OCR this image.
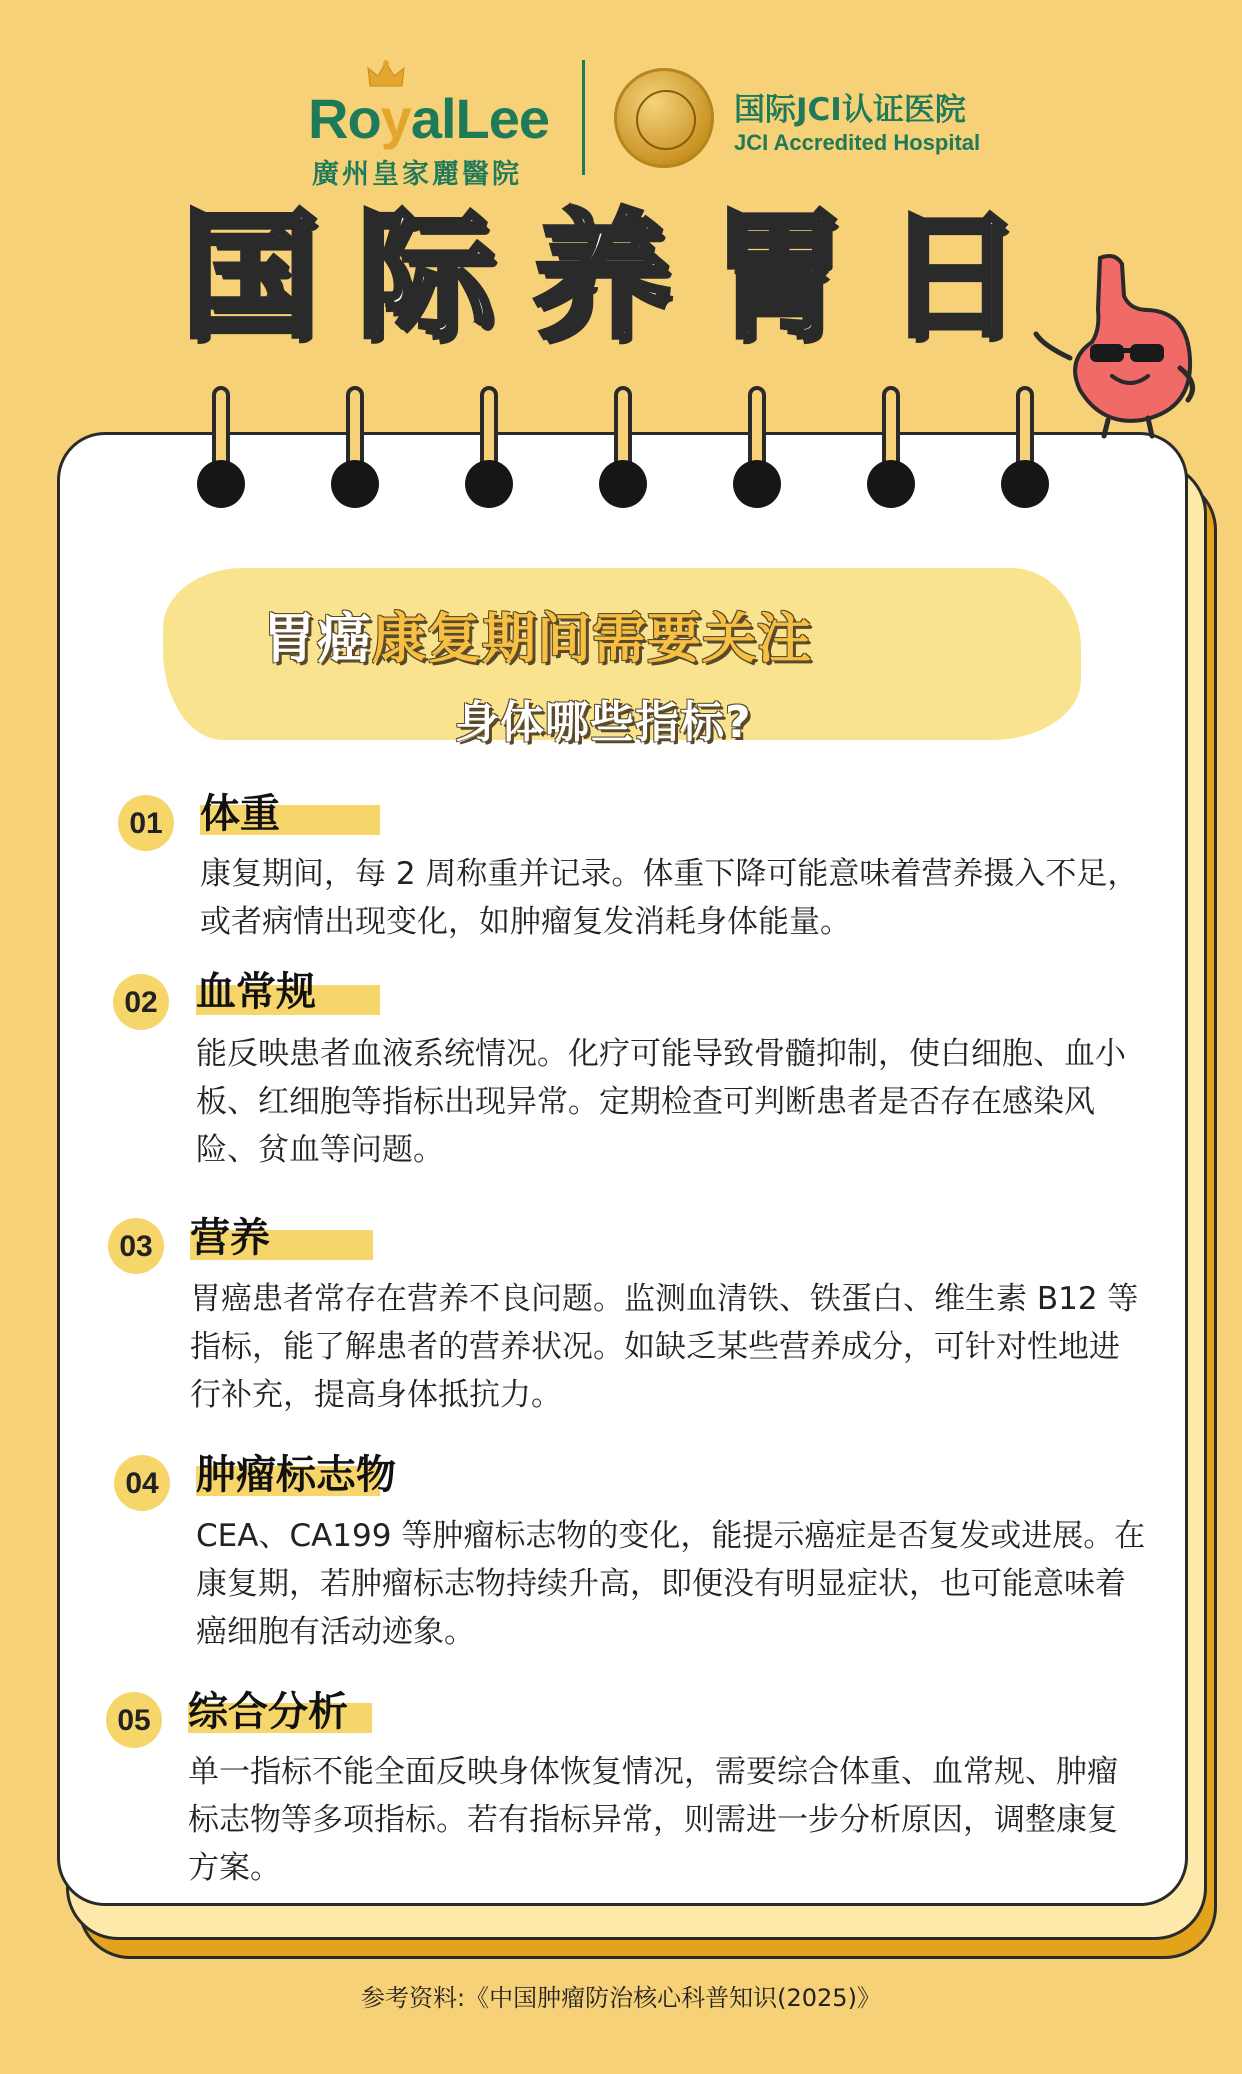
RoyalLee
廣州皇家麗醫院
国际JCI认证医院
JCI Accredited Hospital
国际养胃日
胃癌康复期间需要关注
身体哪些指标?
01 体重
康复期间，每 2 周称重并记录。体重下降可能意味着营养摄入不足，或者病情出现变化，如肿瘤复发消耗身体能量。
02 血常规
能反映患者血液系统情况。化疗可能导致骨髓抑制，使白细胞、血小板、红细胞等指标出现异常。定期检查可判断患者是否存在感染风险、贫血等问题。
03 营养
胃癌患者常存在营养不良问题。监测血清铁、铁蛋白、维生素 B12 等指标，能了解患者的营养状况。如缺乏某些营养成分，可针对性地进行补充，提高身体抵抗力。
04 肿瘤标志物
CEA、CA199 等肿瘤标志物的变化，能提示癌症是否复发或进展。在康复期，若肿瘤标志物持续升高，即便没有明显症状，也可能意味着癌细胞有活动迹象。
05 综合分析
单一指标不能全面反映身体恢复情况，需要综合体重、血常规、肿瘤标志物等多项指标。若有指标异常，则需进一步分析原因，调整康复方案。
参考资料:《中国肿瘤防治核心科普知识(2025)》
